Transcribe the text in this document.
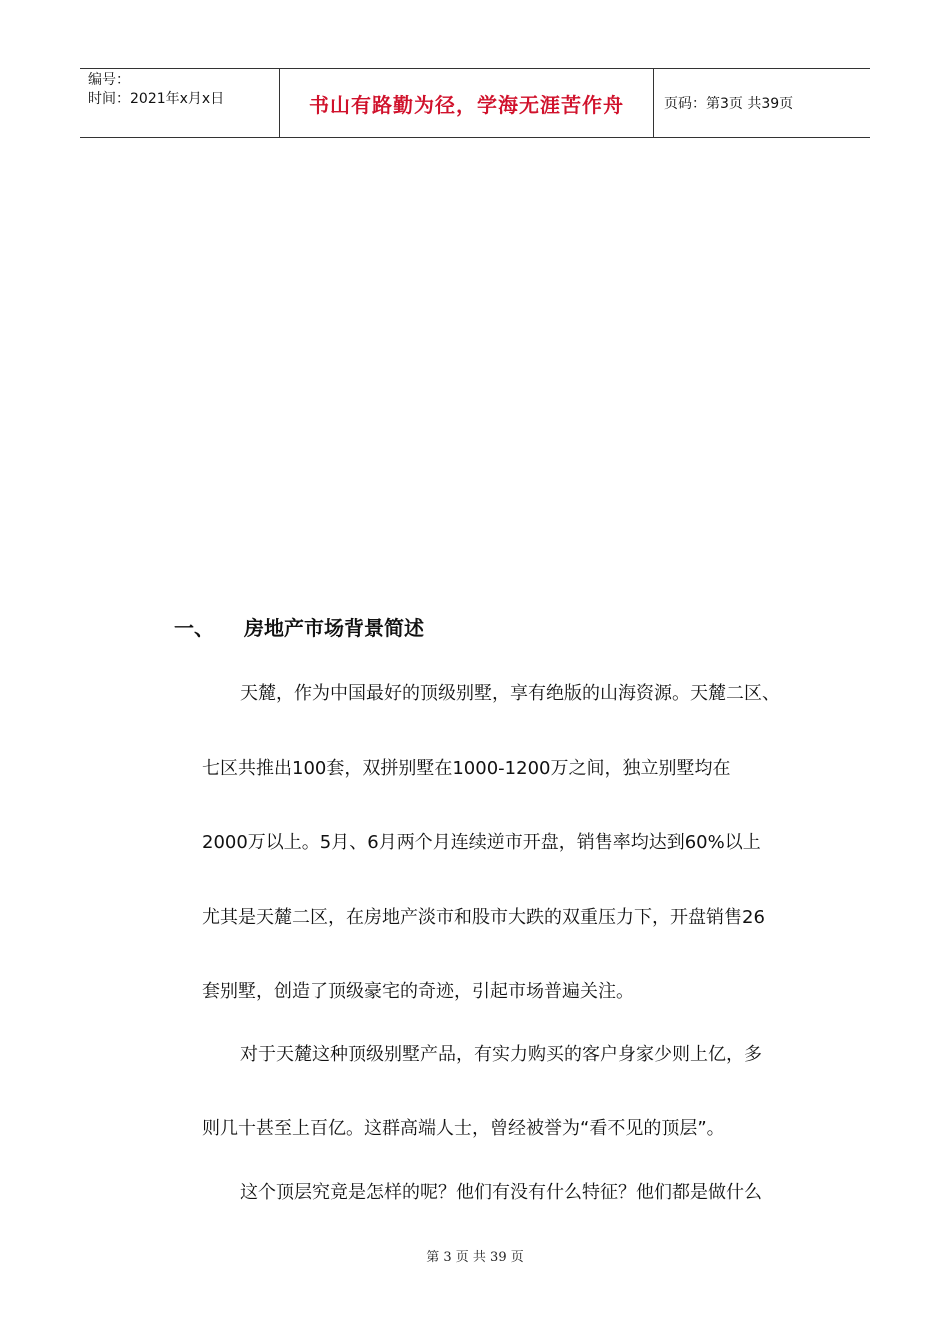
编号：
时间：2021年x月x日	书山有路勤为径，学海无涯苦作舟	页码：第3页 共39页
一、 房地产市场背景简述
天麓，作为中国最好的顶级别墅，享有绝版的山海资源。天麓二区、
七区共推出100套，双拼别墅在1000-1200万之间，独立别墅均在
2000万以上。5月、6月两个月连续逆市开盘，销售率均达到60%以上
尤其是天麓二区，在房地产淡市和股市大跌的双重压力下，开盘销售26
套别墅，创造了顶级豪宅的奇迹，引起市场普遍关注。
对于天麓这种顶级别墅产品，有实力购买的客户身家少则上亿，多
则几十甚至上百亿。这群高端人士，曾经被誉为“看不见的顶层”。
这个顶层究竟是怎样的呢？他们有没有什么特征？他们都是做什么
第 3 页 共 39 页
